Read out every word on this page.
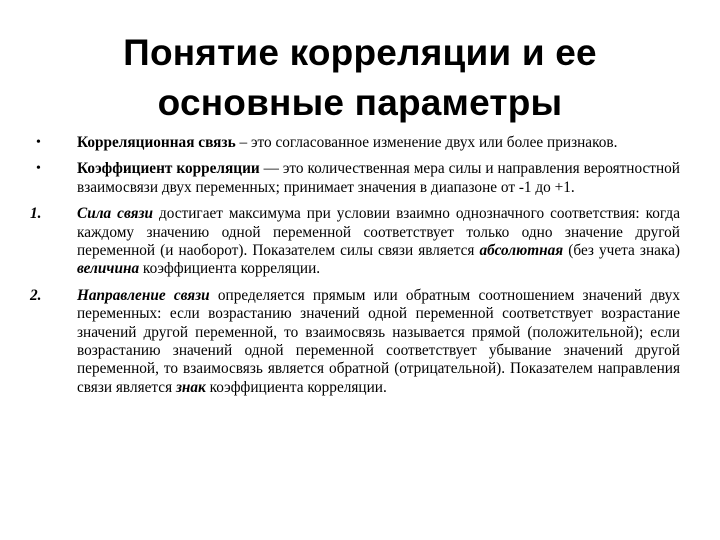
Понятие корреляции и ее
основные параметры
•	Корреляционная связь – это согласованное изменение двух или более признаков.
•	Коэффициент корреляции — это количественная мера силы и направления вероятностной взаимосвязи двух переменных; принимает значения в диапазоне от -1 до +1.
1.	Сила связи достигает максимума при условии взаимно однозначного соответствия: когда каждому значению одной переменной соответствует только одно значение другой переменной (и наоборот). Показателем силы связи является абсолютная (без учета знака) величина коэффициента корреляции.
2.	Направление связи определяется прямым или обратным соотношением значений двух переменных: если возрастанию значений одной переменной соответствует возрастание значений другой переменной, то взаимосвязь называется прямой (положительной); если возрастанию значений одной переменной соответствует убывание значений другой переменной, то взаимосвязь является обратной (отрицательной). Показателем направления связи является знак коэффициента корреляции.
